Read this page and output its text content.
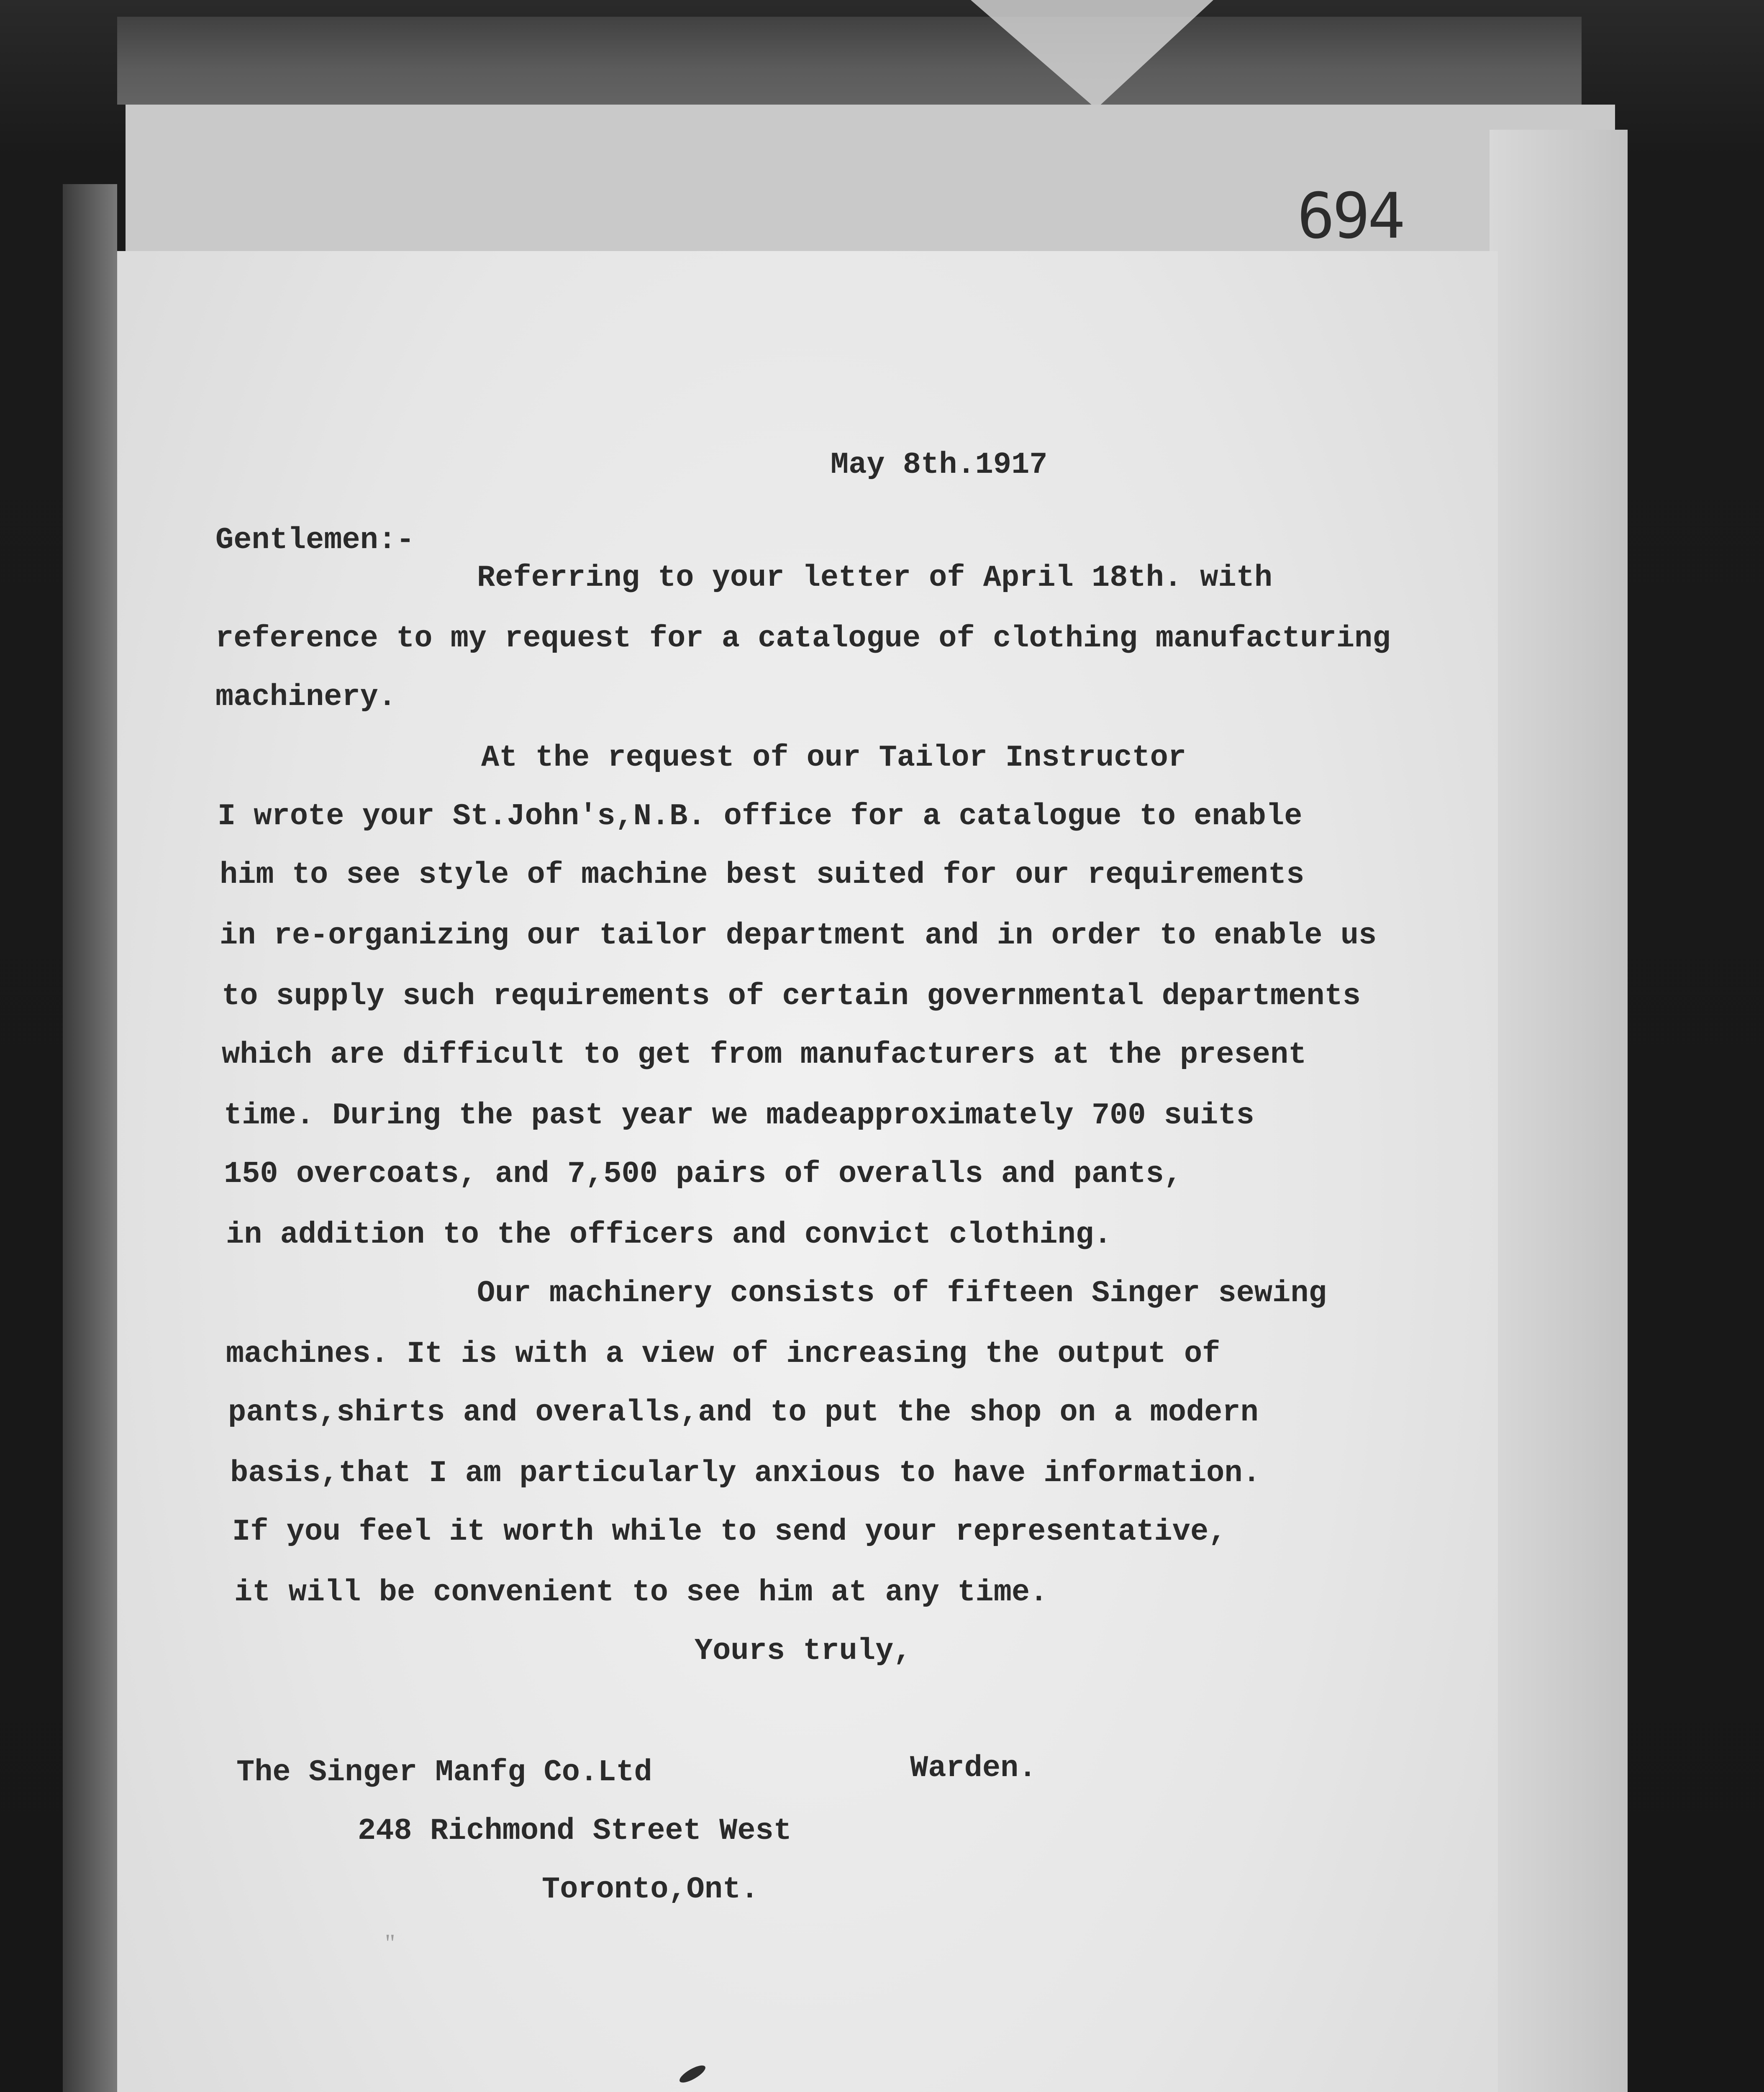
694
May 8th.1917
Gentlemen:-
Referring to your letter of April 18th. with
reference to my request for a catalogue of clothing manufacturing
machinery.
At the request of our Tailor Instructor
I wrote your St.John's,N.B. office for a catalogue to enable
him to see style of machine best suited for our requirements
in re-organizing our tailor department and in order to enable us
to supply such requirements of certain governmental departments
which are difficult to get from manufacturers at the present
time. During the past year we madeapproximately 700 suits
150 overcoats, and 7,500 pairs of overalls and pants,
in addition to the officers and convict clothing.
Our machinery consists of fifteen Singer sewing
machines. It is with a view of increasing the output of
pants,shirts and overalls,and to put the shop on a modern
basis,that I am particularly anxious to have information.
If you feel it worth while to send your representative,
it will be convenient to see him at any time.
Yours truly,
The Singer Manfg Co.Ltd	Warden.
248 Richmond Street West
Toronto,Ont.
"
